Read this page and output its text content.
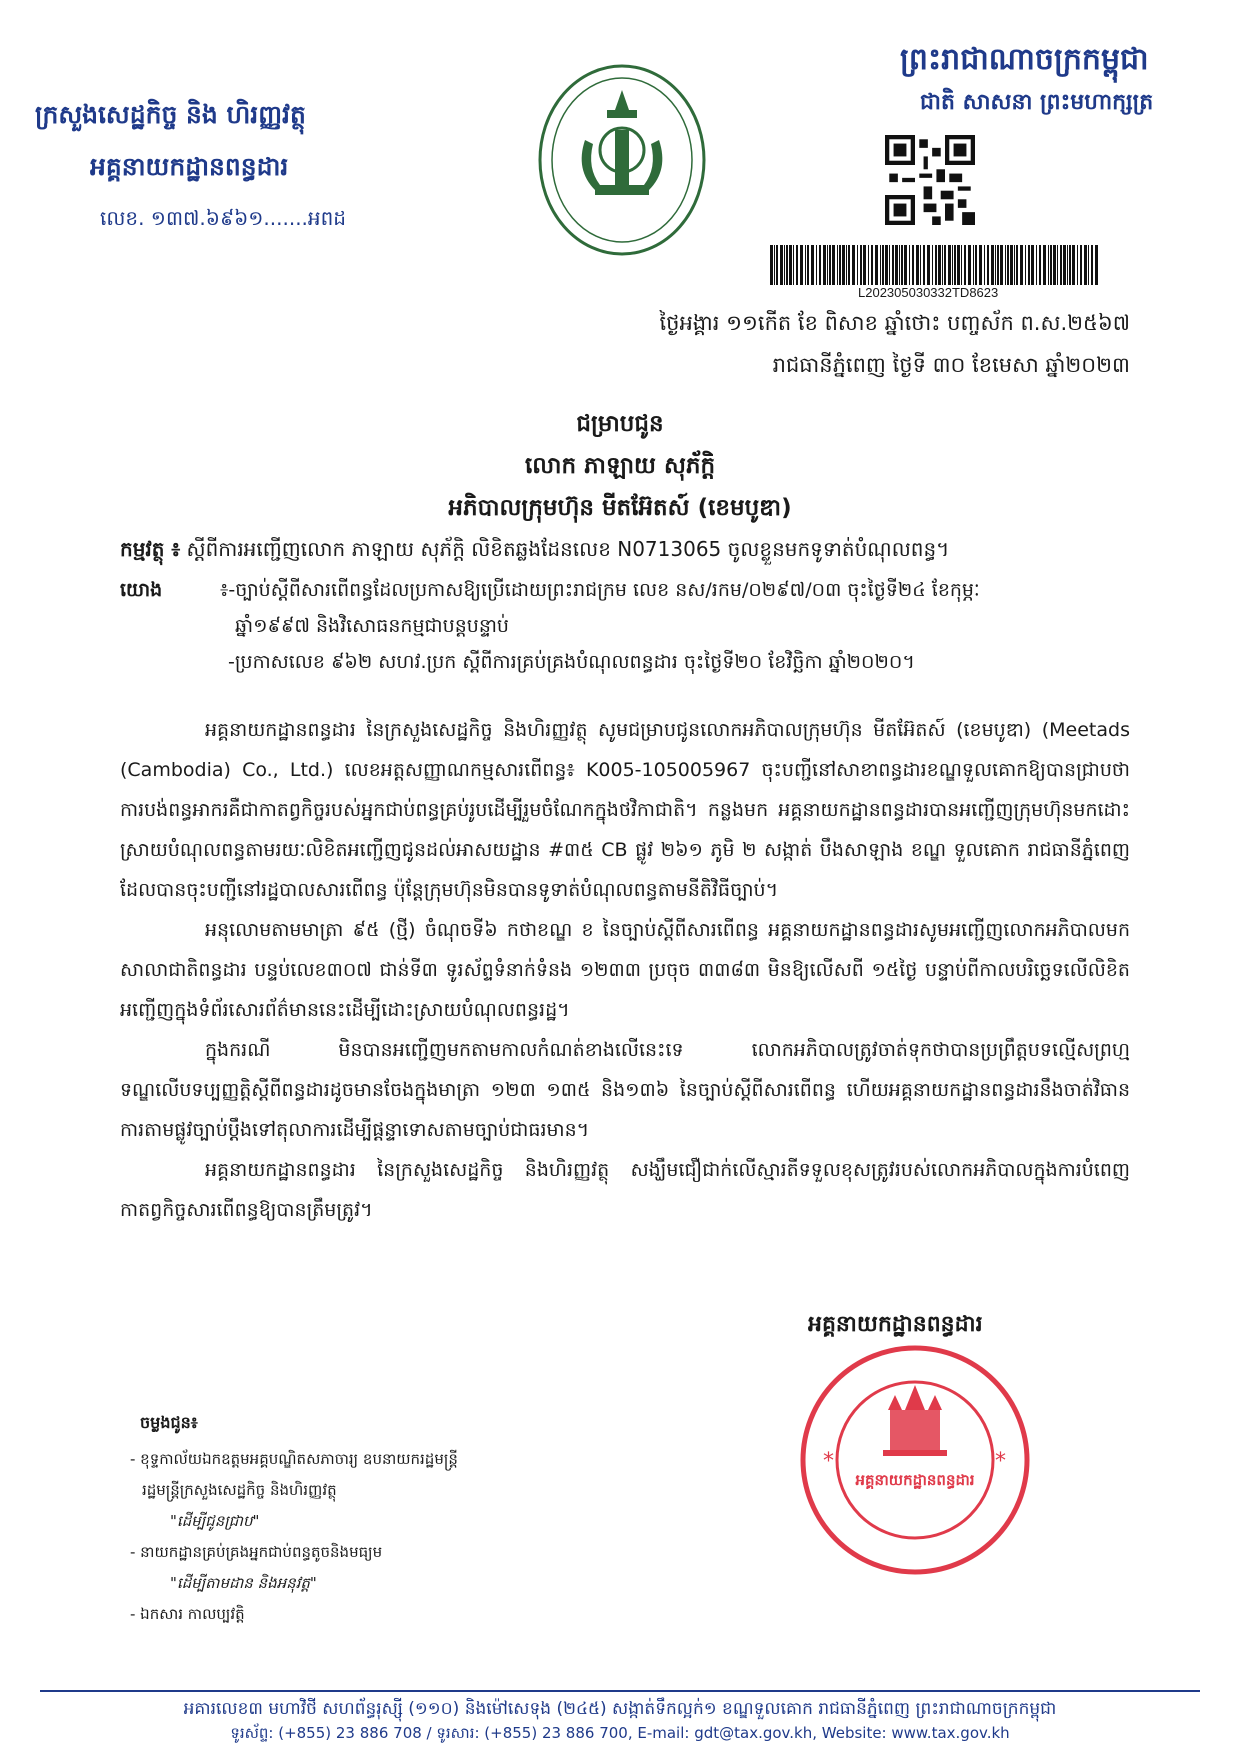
ក្រសួងសេដ្ឋកិច្ច និង ហិរញ្ញវត្ថុ
អគ្គនាយកដ្ឋានពន្ធដារ
លេខ. ១៣៧.៦៩៦១.......អពដ
ព្រះរាជាណាចក្រកម្ពុជា
ជាតិ សាសនា ព្រះមហាក្សត្រ
L202305030332TD8623
ថ្ងៃអង្គារ ១១កើត ខែ ពិសាខ ឆ្នាំថោះ បញ្ចស័ក ព.ស.២៥៦៧
រាជធានីភ្នំពេញ ថ្ងៃទី ៣០ ខែមេសា ឆ្នាំ២០២៣
ជម្រាបជូន
លោក ភាឡាយ សុភ័ក្តិ
អភិបាលក្រុមហ៊ុន មីតអ៊ែតស៍ (ខេមបូឌា)
កម្មវត្ថុ ៖ ស្តីពីការអញ្ជើញលោក ភាឡាយ សុភ័ក្តិ លិខិតឆ្លងដែនលេខ N0713065 ចូលខ្លួនមកទូទាត់បំណុលពន្ធ។
យោង	៖-ច្បាប់ស្តីពីសារពើពន្ធដែលប្រកាសឱ្យប្រើដោយព្រះរាជក្រម លេខ នស/រកម/០២៩៧/០៣ ចុះថ្ងៃទី២៤ ខែកុម្ភៈ
ឆ្នាំ១៩៩៧ និងវិសោធនកម្មជាបន្តបន្ទាប់
-ប្រកាសលេខ ៩៦២ សហវ.ប្រក ស្តីពីការគ្រប់គ្រងបំណុលពន្ធដារ ចុះថ្ងៃទី២០ ខែវិច្ឆិកា ឆ្នាំ២០២០។

អគ្គនាយកដ្ឋានពន្ធដារ នៃក្រសួងសេដ្ឋកិច្ច និងហិរញ្ញវត្ថុ សូមជម្រាបជូនលោកអភិបាលក្រុមហ៊ុន មីតអ៊ែតស៍ (ខេមបូឌា) (Meetads (Cambodia) Co., Ltd.) លេខអត្តសញ្ញាណកម្មសារពើពន្ធ៖ K005-105005967 ចុះបញ្ជីនៅសាខាពន្ធដារខណ្ឌទួលគោកឱ្យបានជ្រាបថា ការបង់ពន្ធអាករគឺជាកាតព្វកិច្ចរបស់អ្នកជាប់ពន្ធគ្រប់រូបដើម្បីរួមចំណែកក្នុងថវិកាជាតិ។ កន្លងមក អគ្គនាយកដ្ឋានពន្ធដារបានអញ្ជើញក្រុមហ៊ុនមកដោះស្រាយបំណុលពន្ធតាមរយៈលិខិតអញ្ជើញជូនដល់អាសយដ្ឋាន #៣៥ CB ផ្លូវ ២៦១ ភូមិ ២ សង្កាត់ បឹងសាឡាង ខណ្ឌ ទួលគោក រាជធានីភ្នំពេញ ដែលបានចុះបញ្ជីនៅរដ្ឋបាលសារពើពន្ធ ប៉ុន្តែក្រុមហ៊ុនមិនបានទូទាត់បំណុលពន្ធតាមនីតិវិធីច្បាប់។

អនុលោមតាមមាត្រា ៩៥ (ថ្មី) ចំណុចទី៦ កថាខណ្ឌ ខ នៃច្បាប់ស្តីពីសារពើពន្ធ អគ្គនាយកដ្ឋានពន្ធដារសូមអញ្ជើញលោកអភិបាលមកសាលាជាតិពន្ធដារ បន្ទប់លេខ៣០៧ ជាន់ទី៣ ទូរស័ព្ទទំនាក់ទំនង ១២៣៣ ប្រចុច ៣៣៨៣ មិនឱ្យលើសពី ១៥ថ្ងៃ បន្ទាប់ពីកាលបរិច្ឆេទលើលិខិតអញ្ជើញក្នុងទំព័រសោរព័ត៌មាននេះដើម្បីដោះស្រាយបំណុលពន្ធរដ្ឋ។

ក្នុងករណី មិនបានអញ្ជើញមកតាមកាលកំណត់ខាងលើនេះទេ លោកអភិបាលត្រូវចាត់ទុកថាបានប្រព្រឹត្តបទល្មើសព្រហ្មទណ្ឌលើបទប្បញ្ញត្តិស្តីពីពន្ធដារដូចមានចែងក្នុងមាត្រា ១២៣ ១៣៥ និង១៣៦ នៃច្បាប់ស្តីពីសារពើពន្ធ ហើយអគ្គនាយកដ្ឋានពន្ធដារនឹងចាត់វិធានការតាមផ្លូវច្បាប់ប្តឹងទៅតុលាការដើម្បីផ្តន្ទាទោសតាមច្បាប់ជាធរមាន។

អគ្គនាយកដ្ឋានពន្ធដារ នៃក្រសួងសេដ្ឋកិច្ច និងហិរញ្ញវត្ថុ សង្ឃឹមជឿជាក់លើស្មារតីទទួលខុសត្រូវរបស់លោកអភិបាលក្នុងការបំពេញកាតព្វកិច្ចសារពើពន្ធឱ្យបានត្រឹមត្រូវ។

អគ្គនាយកដ្ឋានពន្ធដារ
អគ្គនាយកដ្ឋានពន្ធដារ
*	*
ចម្លងជូន៖
- ខុទ្ទកាល័យឯកឧត្តមអគ្គបណ្ឌិតសភាចារ្យ ឧបនាយករដ្ឋមន្ត្រី
រដ្ឋមន្ត្រីក្រសួងសេដ្ឋកិច្ច និងហិរញ្ញវត្ថុ
"ដើម្បីជូនជ្រាប"
- នាយកដ្ឋានគ្រប់គ្រងអ្នកជាប់ពន្ធតូចនិងមធ្យម
"ដើម្បីតាមដាន និងអនុវត្ត"
- ឯកសារ កាលប្បវត្តិ
អគារលេខ៣ មហាវិថី សហព័ន្ធរុស្ស៊ី (១១០) និងម៉ៅសេទុង (២៤៥) សង្កាត់ទឹកល្អក់១ ខណ្ឌទួលគោក រាជធានីភ្នំពេញ ព្រះរាជាណាចក្រកម្ពុជា
ទូរស័ព្ទ: (+855) 23 886 708 / ទូរសារ: (+855) 23 886 700, E-mail: gdt@tax.gov.kh, Website: www.tax.gov.kh
